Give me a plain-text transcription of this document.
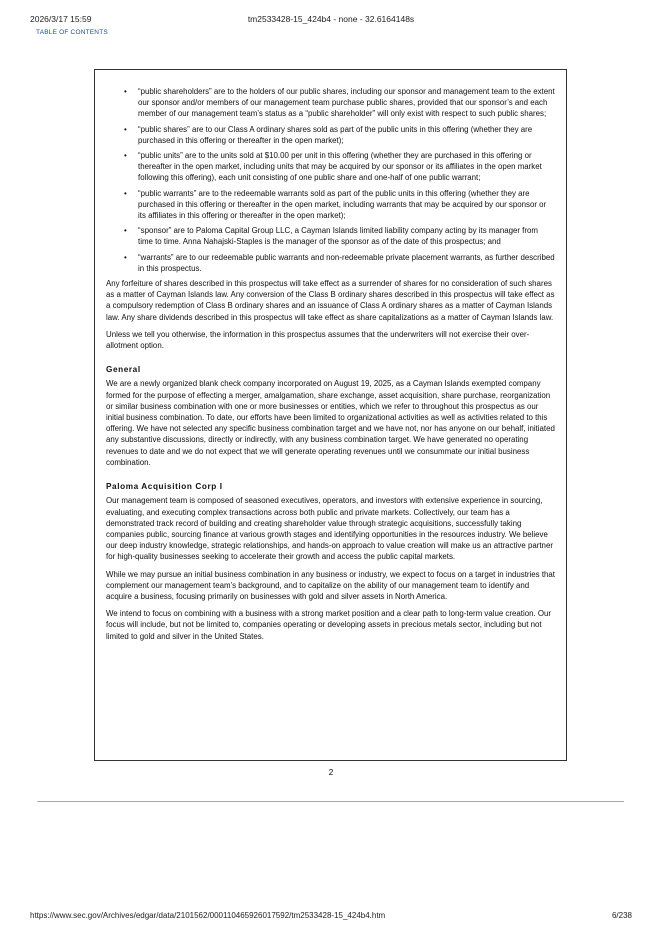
2026/3/17 15:59	tm2533428-15_424b4 - none - 32.6164148s
TABLE OF CONTENTS
• “public shareholders” are to the holders of our public shares, including our sponsor and management team to the extent our sponsor and/or members of our management team purchase public shares, provided that our sponsor’s and each member of our management team’s status as a “public shareholder” will only exist with respect to such public shares;
• “public shares” are to our Class A ordinary shares sold as part of the public units in this offering (whether they are purchased in this offering or thereafter in the open market);
• “public units” are to the units sold at $10.00 per unit in this offering (whether they are purchased in this offering or thereafter in the open market, including units that may be acquired by our sponsor or its affiliates in the open market following this offering), each unit consisting of one public share and one-half of one public warrant;
• “public warrants” are to the redeemable warrants sold as part of the public units in this offering (whether they are purchased in this offering or thereafter in the open market, including warrants that may be acquired by our sponsor or its affiliates in this offering or thereafter in the open market);
• “sponsor” are to Paloma Capital Group LLC, a Cayman Islands limited liability company acting by its manager from time to time. Anna Nahajski-Staples is the manager of the sponsor as of the date of this prospectus; and
• “warrants” are to our redeemable public warrants and non-redeemable private placement warrants, as further described in this prospectus.

Any forfeiture of shares described in this prospectus will take effect as a surrender of shares for no consideration of such shares as a matter of Cayman Islands law. Any conversion of the Class B ordinary shares described in this prospectus will take effect as a compulsory redemption of Class B ordinary shares and an issuance of Class A ordinary shares as a matter of Cayman Islands law. Any share dividends described in this prospectus will take effect as share capitalizations as a matter of Cayman Islands law.

Unless we tell you otherwise, the information in this prospectus assumes that the underwriters will not exercise their over-allotment option.

General

We are a newly organized blank check company incorporated on August 19, 2025, as a Cayman Islands exempted company formed for the purpose of effecting a merger, amalgamation, share exchange, asset acquisition, share purchase, reorganization or similar business combination with one or more businesses or entities, which we refer to throughout this prospectus as our initial business combination. To date, our efforts have been limited to organizational activities as well as activities related to this offering. We have not selected any specific business combination target and we have not, nor has anyone on our behalf, initiated any substantive discussions, directly or indirectly, with any business combination target. We have generated no operating revenues to date and we do not expect that we will generate operating revenues until we consummate our initial business combination.

Paloma Acquisition Corp I

Our management team is composed of seasoned executives, operators, and investors with extensive experience in sourcing, evaluating, and executing complex transactions across both public and private markets. Collectively, our team has a demonstrated track record of building and creating shareholder value through strategic acquisitions, successfully taking companies public, sourcing finance at various growth stages and identifying opportunities in the resources industry. We believe our deep industry knowledge, strategic relationships, and hands-on approach to value creation will make us an attractive partner for high-quality businesses seeking to accelerate their growth and access the public capital markets.

While we may pursue an initial business combination in any business or industry, we expect to focus on a target in industries that complement our management team’s background, and to capitalize on the ability of our management team to identify and acquire a business, focusing primarily on businesses with gold and silver assets in North America.

We intend to focus on combining with a business with a strong market position and a clear path to long-term value creation. Our focus will include, but not be limited to, companies operating or developing assets in precious metals sector, including but not limited to gold and silver in the United States.

2
https://www.sec.gov/Archives/edgar/data/2101562/000110465926017592/tm2533428-15_424b4.htm	6/238
